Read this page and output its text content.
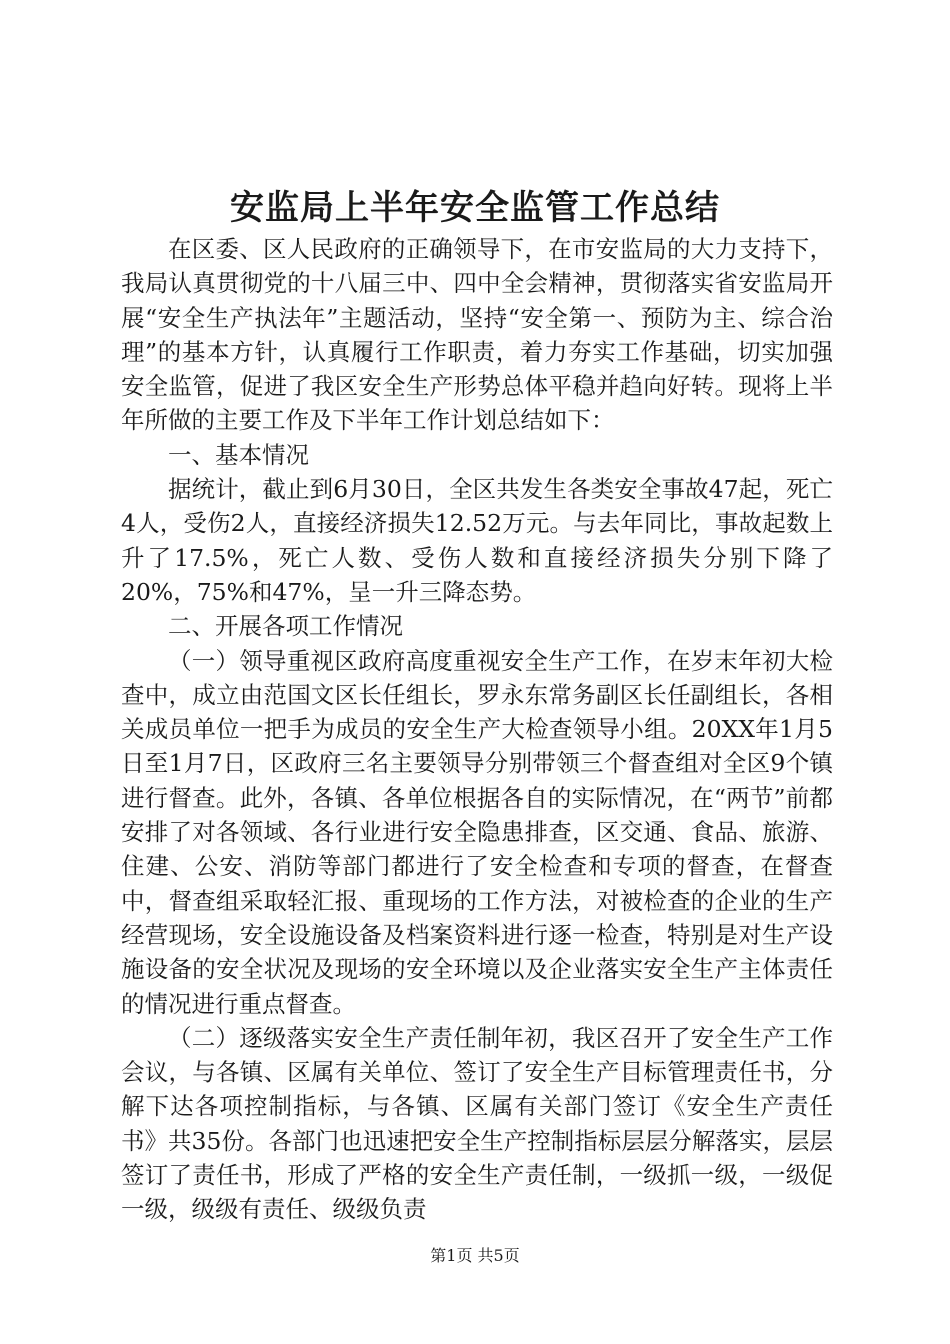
安监局上半年安全监管工作总结

在区委、区人民政府的正确领导下，在市安监局的大力支持下，我局认真贯彻党的十八届三中、四中全会精神，贯彻落实省安监局开展“安全生产执法年”主题活动，坚持“安全第一、预防为主、综合治理”的基本方针，认真履行工作职责，着力夯实工作基础，切实加强安全监管，促进了我区安全生产形势总体平稳并趋向好转。现将上半年所做的主要工作及下半年工作计划总结如下：

一、基本情况

据统计，截止到6月30日，全区共发生各类安全事故47起，死亡4人，受伤2人，直接经济损失12.52万元。与去年同比，事故起数上升了17.5%，死亡人数、受伤人数和直接经济损失分别下降了20%，75%和47%，呈一升三降态势。

二、开展各项工作情况

（一）领导重视区政府高度重视安全生产工作，在岁末年初大检查中，成立由范国文区长任组长，罗永东常务副区长任副组长，各相关成员单位一把手为成员的安全生产大检查领导小组。20XX年1月5日至1月7日，区政府三名主要领导分别带领三个督查组对全区9个镇进行督查。此外，各镇、各单位根据各自的实际情况，在“两节”前都安排了对各领域、各行业进行安全隐患排查，区交通、食品、旅游、住建、公安、消防等部门都进行了安全检查和专项的督查，在督查中，督查组采取轻汇报、重现场的工作方法，对被检查的企业的生产经营现场，安全设施设备及档案资料进行逐一检查，特别是对生产设施设备的安全状况及现场的安全环境以及企业落实安全生产主体责任的情况进行重点督查。

（二）逐级落实安全生产责任制年初，我区召开了安全生产工作会议，与各镇、区属有关单位、签订了安全生产目标管理责任书，分解下达各项控制指标，与各镇、区属有关部门签订《安全生产责任书》共35份。各部门也迅速把安全生产控制指标层层分解落实，层层签订了责任书，形成了严格的安全生产责任制，一级抓一级，一级促一级，级级有责任、级级负责

第1页 共5页
